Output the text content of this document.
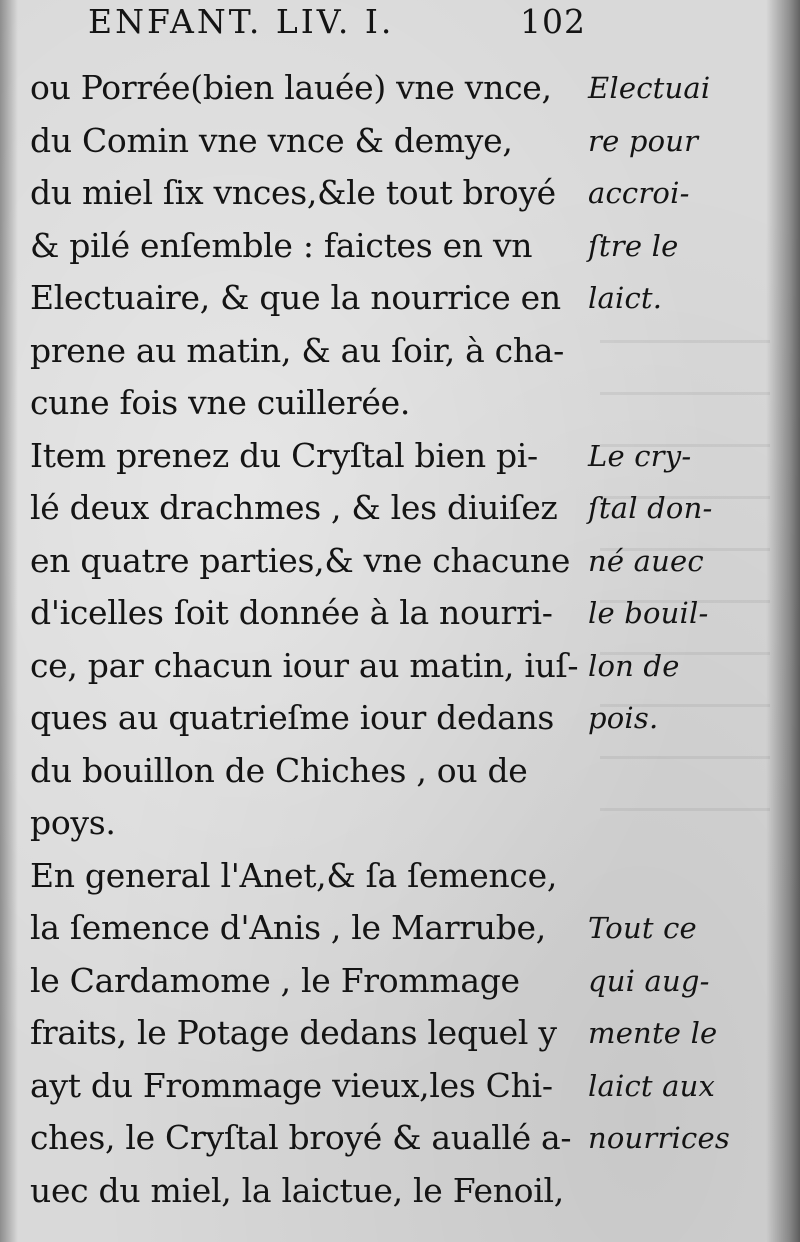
ENFANT. LIV. I.	102
ou Porrée(bien lauée) vne vnce,
du Comin vne vnce & demye,
du miel ſix vnces,&le tout broyé
& pilé enſemble : faictes en vn
Electuaire, & que la nourrice en
prene au matin, & au ſoir, à cha-
cune fois vne cuillerée.
Item prenez du Cryſtal bien pi-
lé deux drachmes , & les diuiſez
en quatre parties,& vne chacune
d'icelles ſoit donnée à la nourri-
ce, par chacun iour au matin, iuſ-
ques au quatrieſme iour dedans
du bouillon de Chiches , ou de
poys.
En general l'Anet,& ſa ſemence,
la ſemence d'Anis , le Marrube,
le Cardamome , le Frommage
fraits, le Potage dedans lequel y
ayt du Frommage vieux,les Chi-
ches, le Cryſtal broyé & auallé a-
uec du miel, la laictue, le Fenoil,
Electuai
re pour
accroi-
ſtre le
laict.
Le cry-
ſtal don-
né auec
le bouil-
lon de
pois.
Tout ce
qui aug-
mente le
laict aux
nourrices
